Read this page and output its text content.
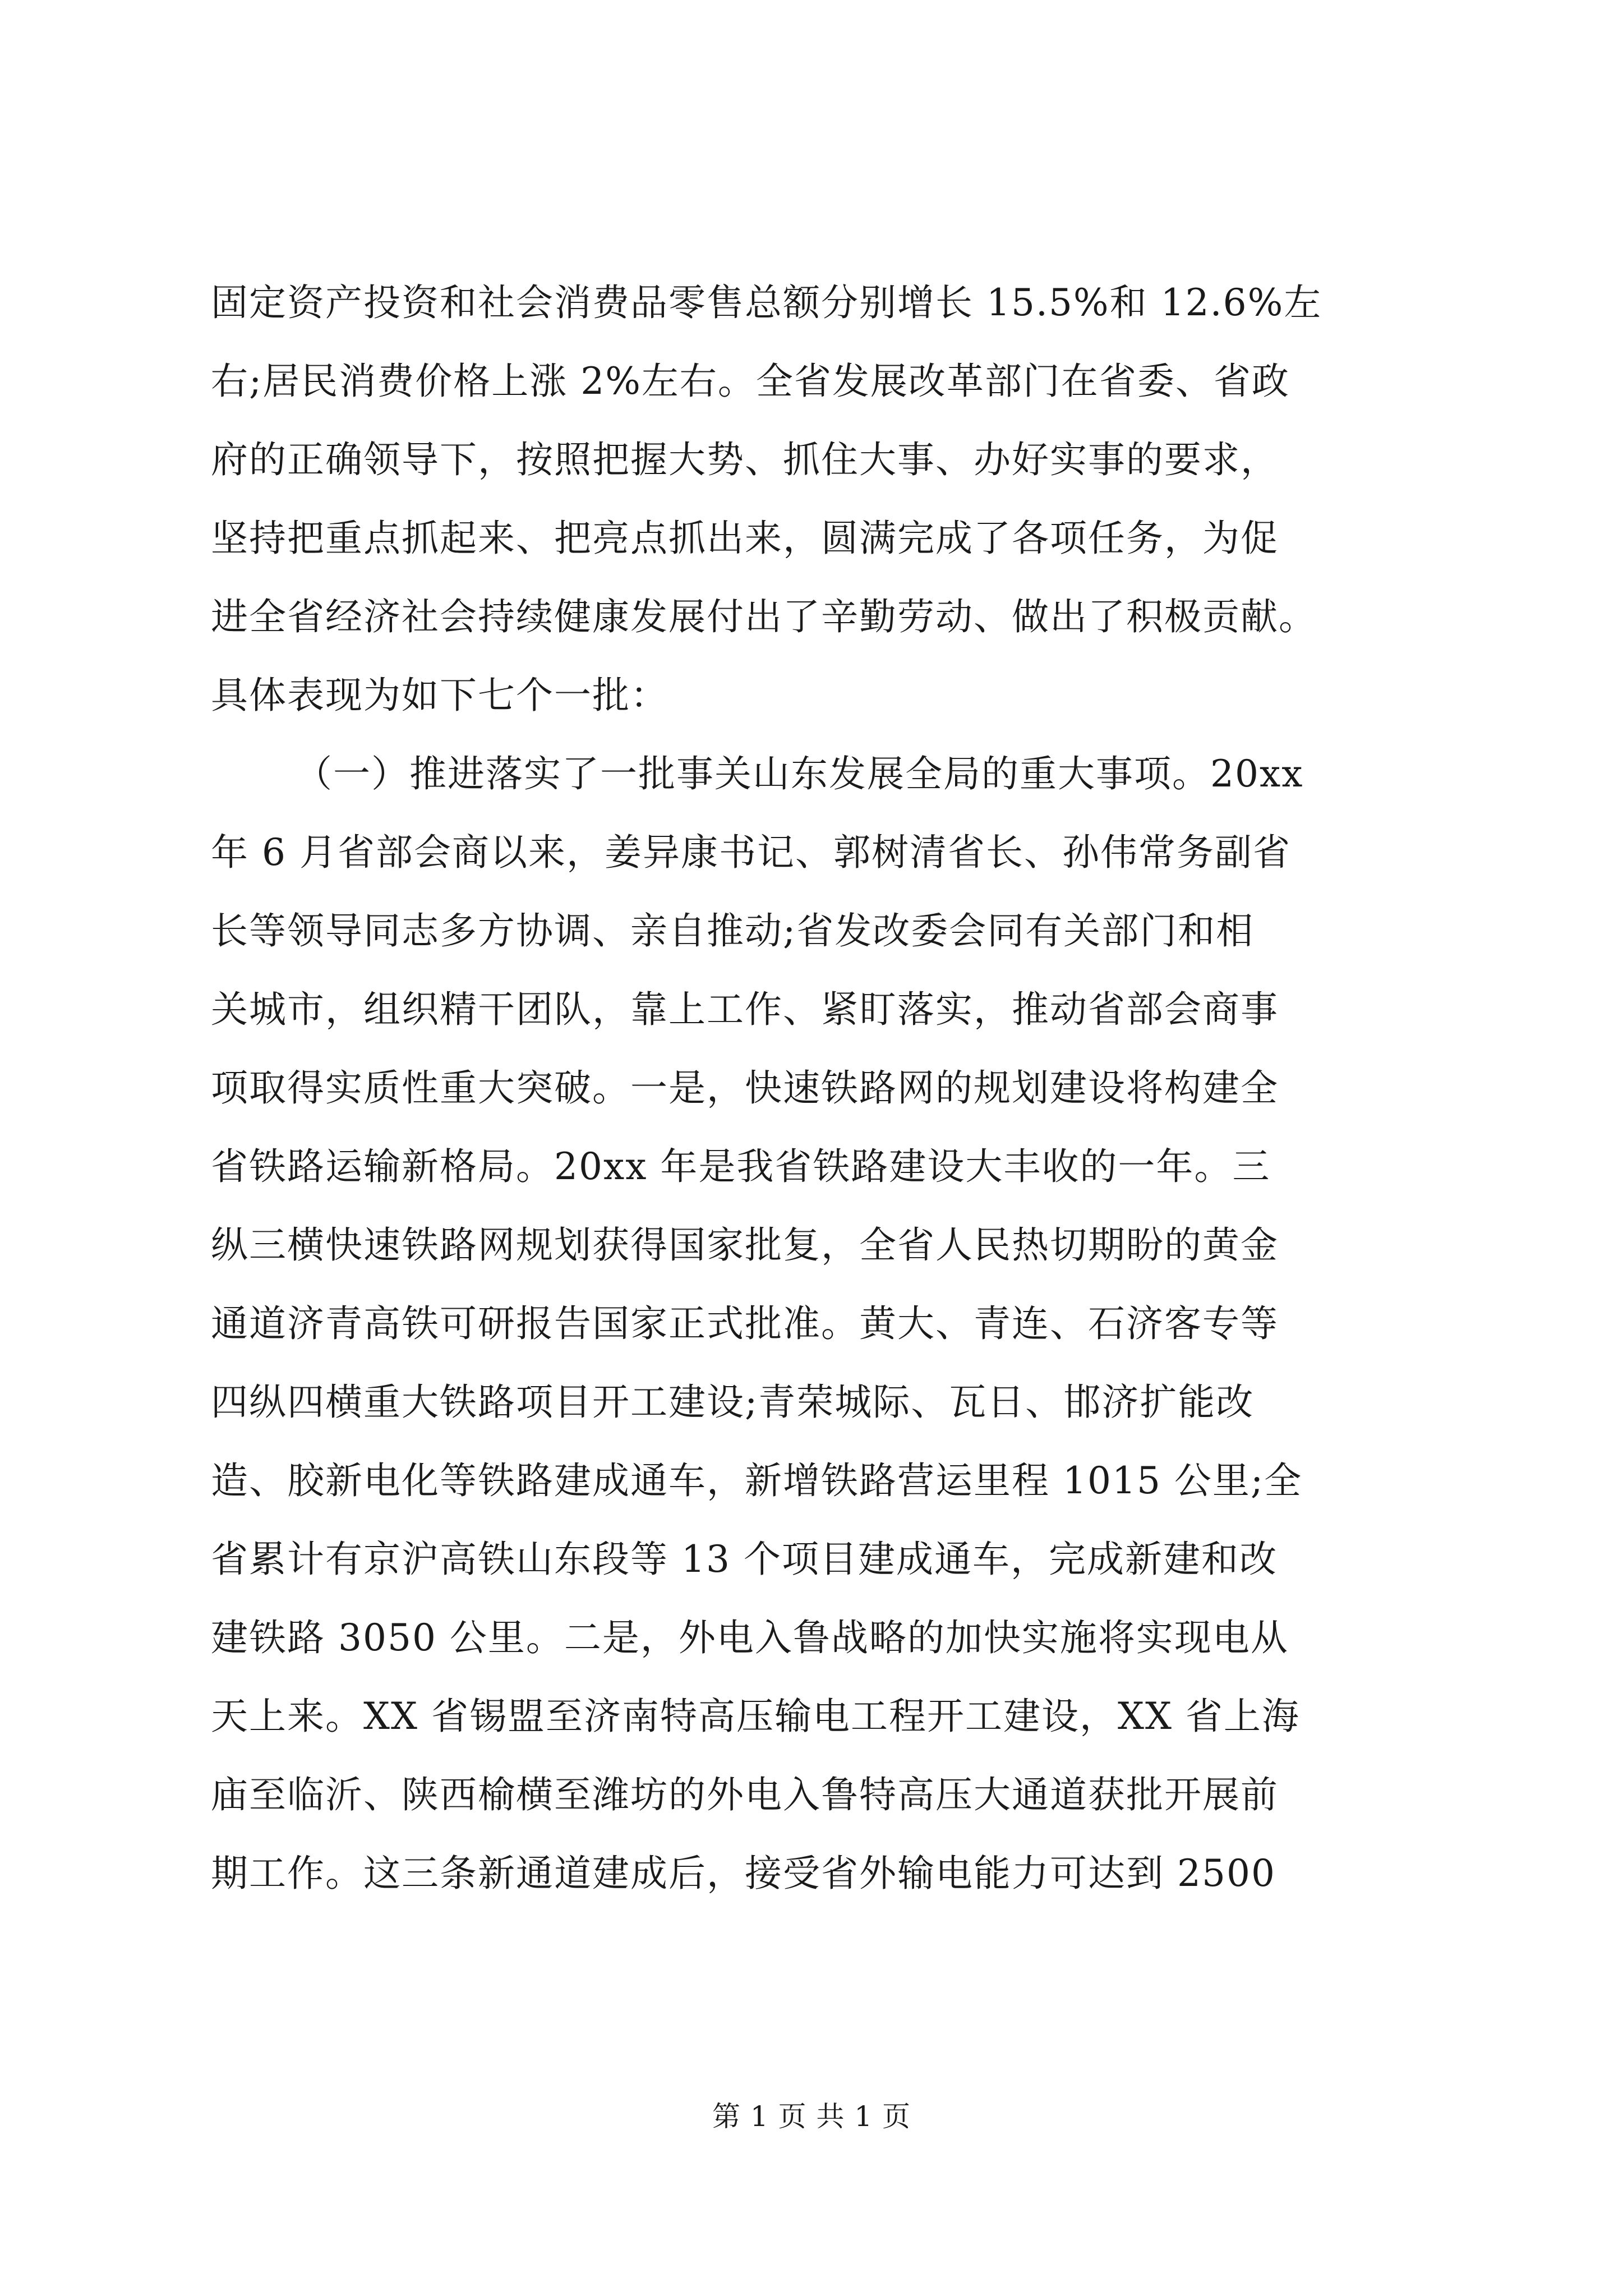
固定资产投资和社会消费品零售总额分别增长 15.5%和 12.6%左
右;居民消费价格上涨 2%左右。全省发展改革部门在省委、省政
府的正确领导下，按照把握大势、抓住大事、办好实事的要求，
坚持把重点抓起来、把亮点抓出来，圆满完成了各项任务，为促
进全省经济社会持续健康发展付出了辛勤劳动、做出了积极贡献。
具体表现为如下七个一批：
（一）推进落实了一批事关山东发展全局的重大事项。20xx
年 6 月省部会商以来，姜异康书记、郭树清省长、孙伟常务副省
长等领导同志多方协调、亲自推动;省发改委会同有关部门和相
关城市，组织精干团队，靠上工作、紧盯落实，推动省部会商事
项取得实质性重大突破。一是，快速铁路网的规划建设将构建全
省铁路运输新格局。20xx 年是我省铁路建设大丰收的一年。三
纵三横快速铁路网规划获得国家批复，全省人民热切期盼的黄金
通道济青高铁可研报告国家正式批准。黄大、青连、石济客专等
四纵四横重大铁路项目开工建设;青荣城际、瓦日、邯济扩能改
造、胶新电化等铁路建成通车，新增铁路营运里程 1015 公里;全
省累计有京沪高铁山东段等 13 个项目建成通车，完成新建和改
建铁路 3050 公里。二是，外电入鲁战略的加快实施将实现电从
天上来。XX 省锡盟至济南特高压输电工程开工建设，XX 省上海
庙至临沂、陕西榆横至潍坊的外电入鲁特高压大通道获批开展前
期工作。这三条新通道建成后，接受省外输电能力可达到 2500
第 1 页 共 1 页
